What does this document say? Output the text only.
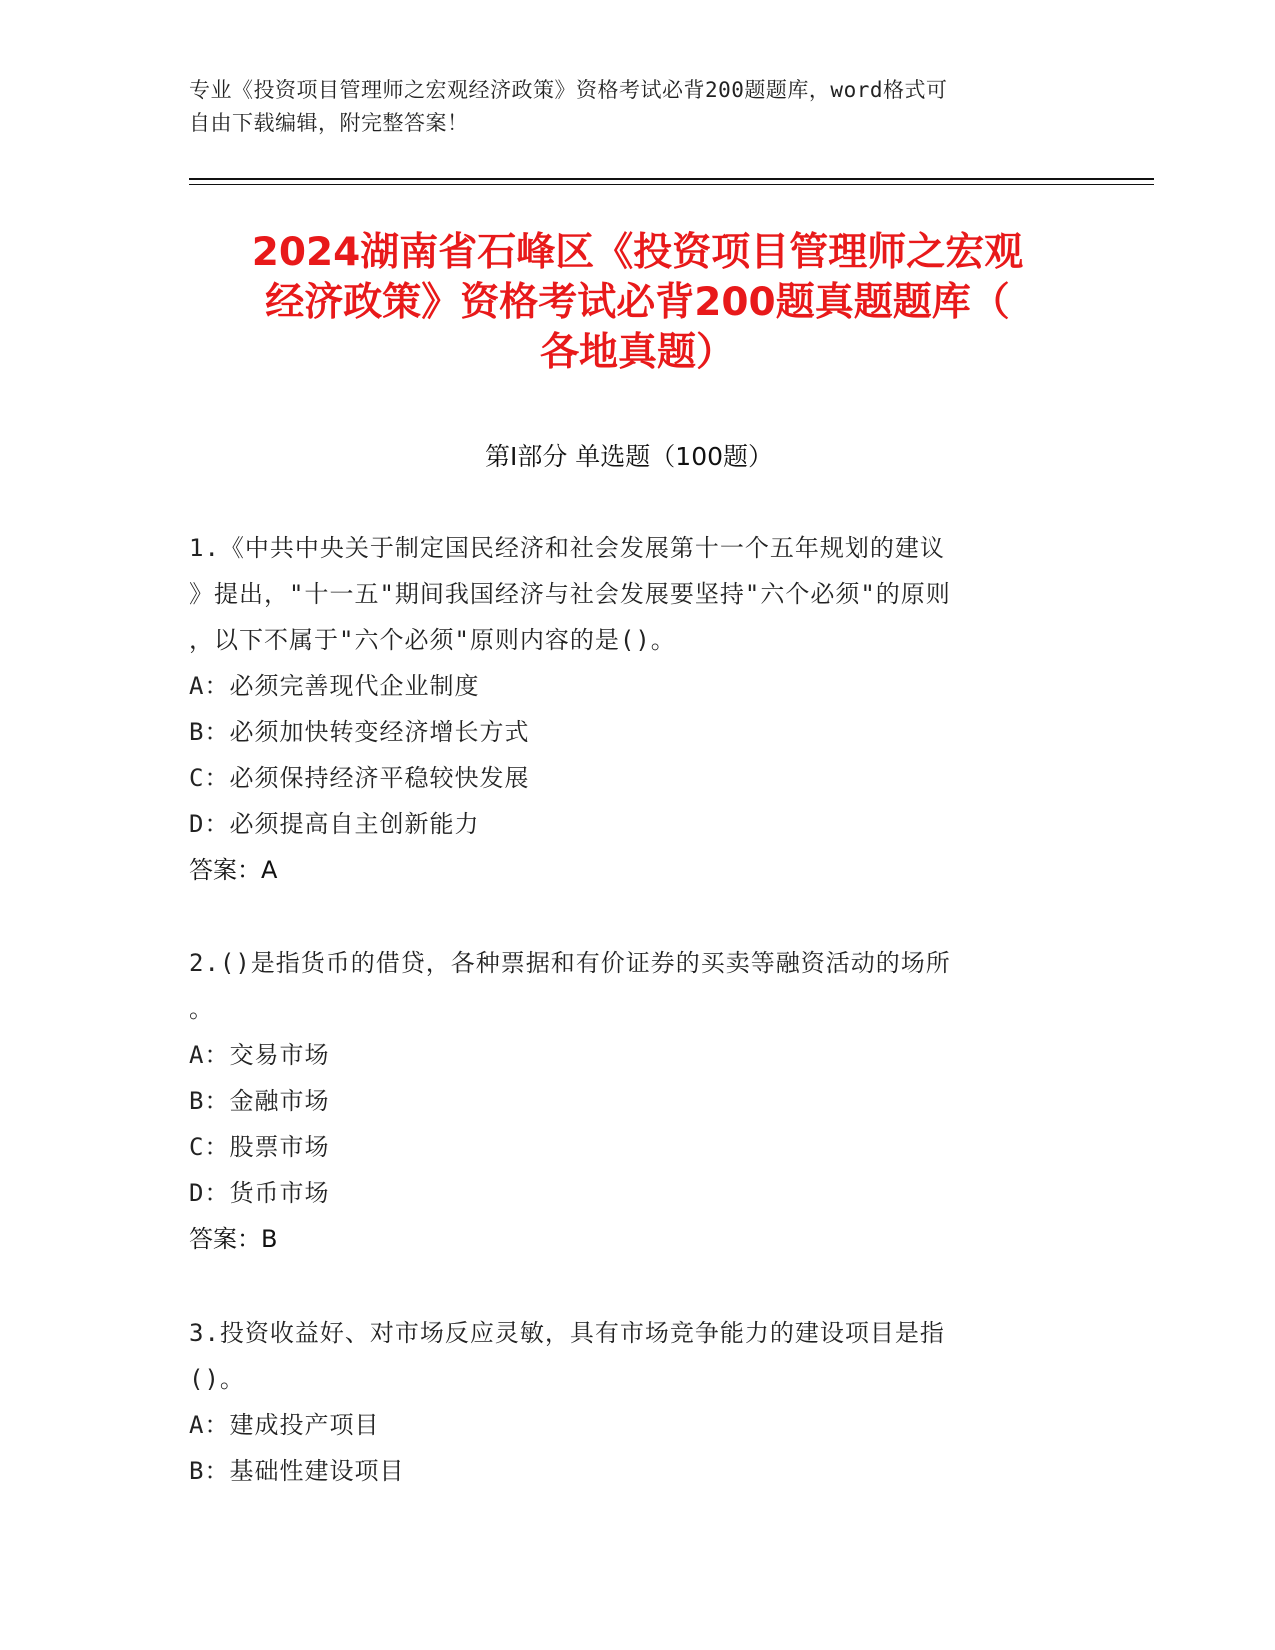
专业《投资项目管理师之宏观经济政策》资格考试必背200题题库，word格式可
自由下载编辑，附完整答案！
2024湖南省石峰区《投资项目管理师之宏观
经济政策》资格考试必背200题真题题库（
各地真题）
第I部分 单选题（100题）
1.《中共中央关于制定国民经济和社会发展第十一个五年规划的建议
》提出，"十一五"期间我国经济与社会发展要坚持"六个必须"的原则
，以下不属于"六个必须"原则内容的是()。
A：必须完善现代企业制度
B：必须加快转变经济增长方式
C：必须保持经济平稳较快发展
D：必须提高自主创新能力
答案：A
2.()是指货币的借贷，各种票据和有价证券的买卖等融资活动的场所
。
A：交易市场
B：金融市场
C：股票市场
D：货币市场
答案：B
3.投资收益好、对市场反应灵敏，具有市场竞争能力的建设项目是指
()。
A：建成投产项目
B：基础性建设项目
